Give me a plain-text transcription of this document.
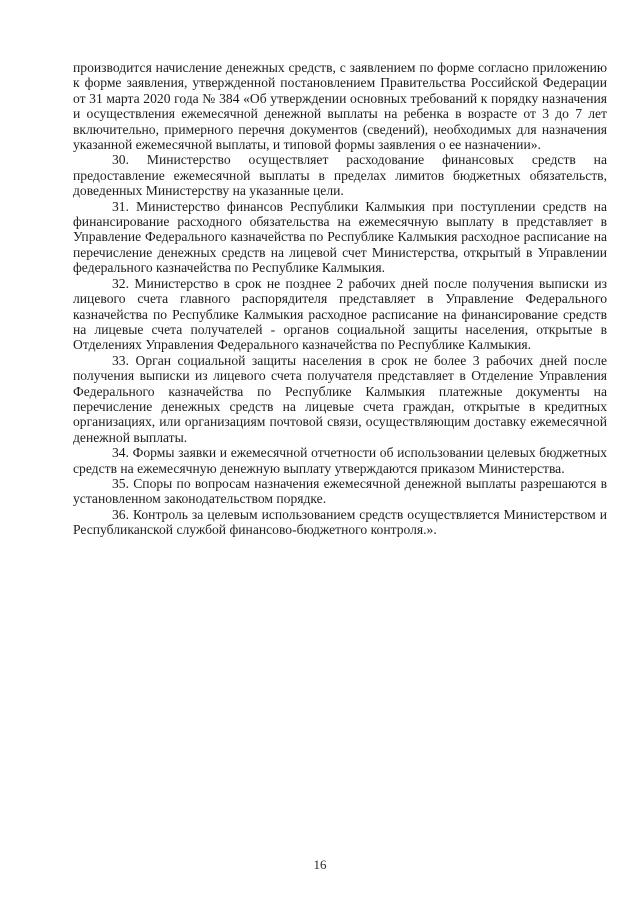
производится начисление денежных средств, с заявлением по форме согласно приложению к форме заявления, утвержденной постановлением Правительства Российской Федерации от 31 марта 2020 года № 384 «Об утверждении основных требований к порядку назначения и осуществления ежемесячной денежной выплаты на ребенка в возрасте от 3 до 7 лет включительно, примерного перечня документов (сведений), необходимых для назначения указанной ежемесячной выплаты, и типовой формы заявления о ее назначении».

30. Министерство осуществляет расходование финансовых средств на предоставление ежемесячной выплаты в пределах лимитов бюджетных обязательств, доведенных Министерству на указанные цели.

31. Министерство финансов Республики Калмыкия при поступлении средств на финансирование расходного обязательства на ежемесячную выплату в представляет в Управление Федерального казначейства по Республике Калмыкия расходное расписание на перечисление денежных средств на лицевой счет Министерства, открытый в Управлении федерального казначейства по Республике Калмыкия.

32. Министерство в срок не позднее 2 рабочих дней после получения выписки из лицевого счета главного распорядителя представляет в Управление Федерального казначейства по Республике Калмыкия расходное расписание на финансирование средств на лицевые счета получателей - органов социальной защиты населения, открытые в Отделениях Управления Федерального казначейства по Республике Калмыкия.

33. Орган социальной защиты населения в срок не более 3 рабочих дней после получения выписки из лицевого счета получателя представляет в Отделение Управления Федерального казначейства по Республике Калмыкия платежные документы на перечисление денежных средств на лицевые счета граждан, открытые в кредитных организациях, или организациям почтовой связи, осуществляющим доставку ежемесячной денежной выплаты.

34. Формы заявки и ежемесячной отчетности об использовании целевых бюджетных средств на ежемесячную денежную выплату утверждаются приказом Министерства.

35. Споры по вопросам назначения ежемесячной денежной выплаты разрешаются в установленном законодательством порядке.

36. Контроль за целевым использованием средств осуществляется Министерством и Республиканской службой финансово-бюджетного контроля.».

16
